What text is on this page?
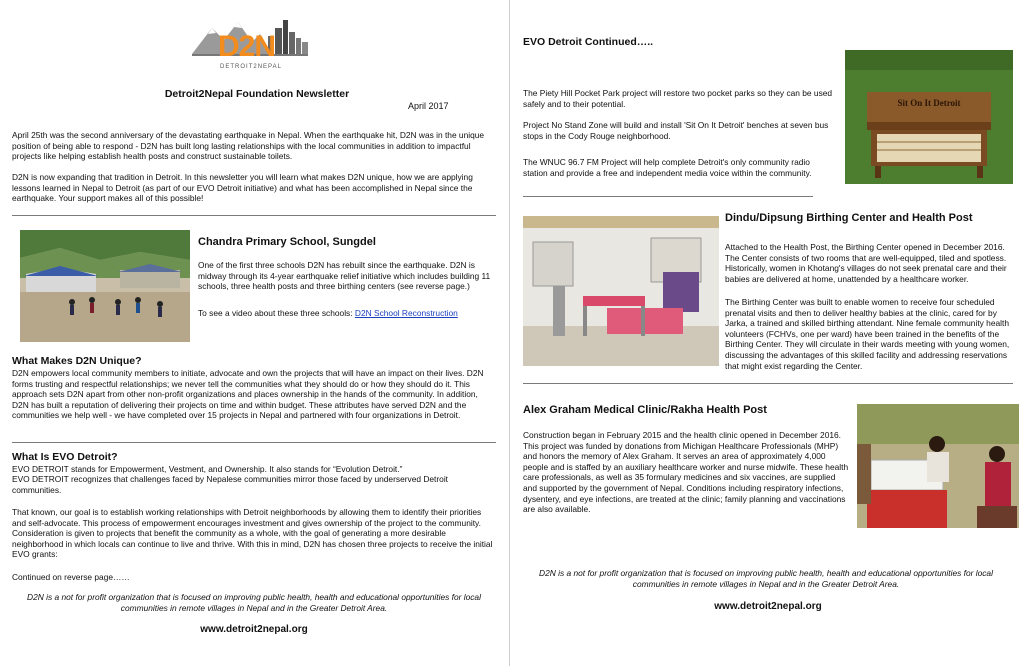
D2N
DETROIT2NEPAL
Detroit2Nepal Foundation Newsletter
April 2017

April 25th was the second anniversary of the devastating earthquake in Nepal. When the earthquake hit, D2N was in the unique position of being able to respond - D2N has built long lasting relationships with the local communities in addition to impactful projects like helping establish health posts and construct sustainable toilets.

D2N is now expanding that tradition in Detroit. In this newsletter you will learn what makes D2N unique, how we are applying lessons learned in Nepal to Detroit (as part of our EVO Detroit initiative) and what has been accomplished in Nepal since the earthquake. Your support makes all of this possible!

Chandra Primary School, Sungdel

One of the first three schools D2N has rebuilt since the earthquake. D2N is midway through its 4-year earthquake relief initiative which includes building 11 schools, three health posts and three birthing centers (see reverse page.)

To see a video about these three schools: D2N School Reconstruction

What Makes D2N Unique?

D2N empowers local community members to initiate, advocate and own the projects that will have an impact on their lives. D2N forms trusting and respectful relationships; we never tell the communities what they should do or how they should do it. This approach sets D2N apart from other non-profit organizations and places ownership in the hands of the community. In addition, D2N has built a reputation of delivering their projects on time and within budget. These attributes have served D2N and the communities we help well - we have completed over 15 projects in Nepal and partnered with four organizations in Detroit.

What Is EVO Detroit?

EVO DETROIT stands for Empowerment, Vestment, and Ownership. It also stands for “Evolution Detroit.”

EVO DETROIT recognizes that challenges faced by Nepalese communities mirror those faced by underserved Detroit communities.

That known, our goal is to establish working relationships with Detroit neighborhoods by allowing them to identify their priorities and self-advocate. This process of empowerment encourages investment and gives ownership of the project to the community. Consideration is given to projects that benefit the community as a whole, with the goal of generating a more desirable neighborhood in which locals can continue to live and thrive. With this in mind, D2N has chosen three projects to receive the initial EVO grants:

Continued on reverse page……

D2N is a not for profit organization that is focused on improving public health, health and educational opportunities for local communities in remote villages in Nepal and in the Greater Detroit Area.

www.detroit2nepal.org
EVO Detroit Continued…..

The Piety Hill Pocket Park project will restore two pocket parks so they can be used safely and to their potential.

Project No Stand Zone will build and install 'Sit On It Detroit' benches at seven bus stops in the Cody Rouge neighborhood.

The WNUC 96.7 FM Project will help complete Detroit's only community radio station and provide a free and independent media voice within the community.

Sit On It Detroit
Dindu/Dipsung Birthing Center and Health Post

Attached to the Health Post, the Birthing Center opened in December 2016. The Center consists of two rooms that are well-equipped, tiled and spotless. Historically, women in Khotang's villages do not seek prenatal care and their babies are delivered at home, unattended by a healthcare worker.

The Birthing Center was built to enable women to receive four scheduled prenatal visits and then to deliver healthy babies at the clinic, cared for by Jarka, a trained and skilled birthing attendant. Nine female community health volunteers (FCHVs, one per ward) have been trained in the benefits of the Birthing Center. They will circulate in their wards meeting with young women, discussing the advantages of this skilled facility and addressing reservations that might exist regarding the Center.

Alex Graham Medical Clinic/Rakha Health Post

Construction began in February 2015 and the health clinic opened in December 2016. This project was funded by donations from Michigan Healthcare Professionals (MHP) and honors the memory of Alex Graham. It serves an area of approximately 4,000 people and is staffed by an auxiliary healthcare worker and nurse midwife. These health care professionals, as well as 35 formulary medicines and six vaccines, are supplied and supported by the government of Nepal. Conditions including respiratory infections, dysentery, and eye infections, are treated at the clinic; family planning and vaccinations are also available.

D2N is a not for profit organization that is focused on improving public health, health and educational opportunities for local communities in remote villages in Nepal and in the Greater Detroit Area.

www.detroit2nepal.org
